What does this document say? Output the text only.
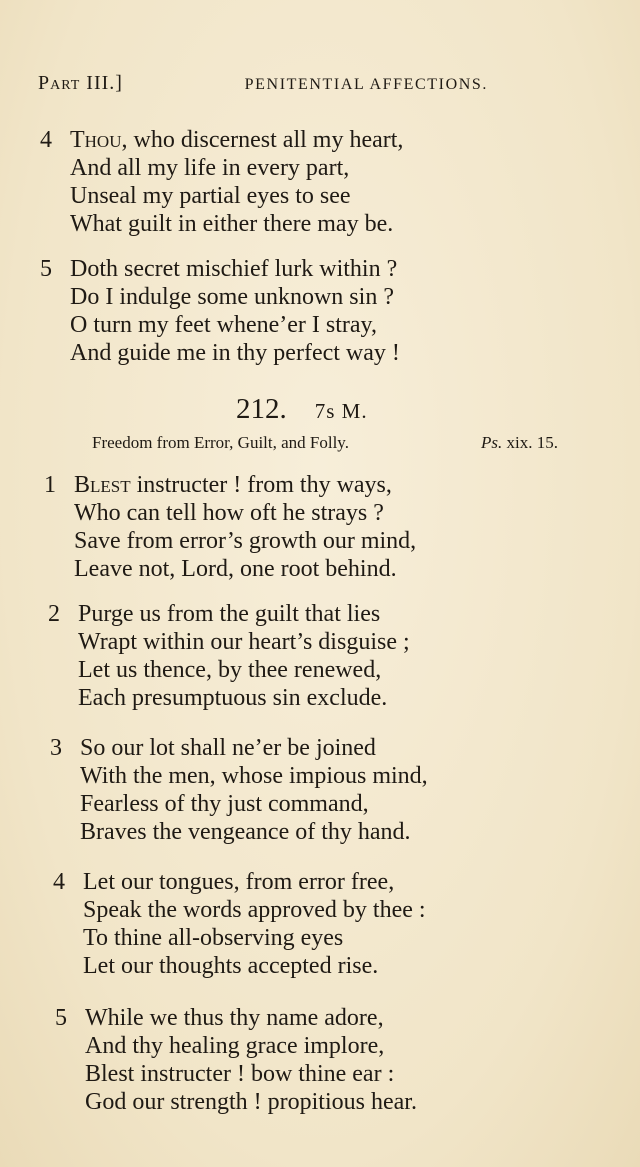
Part III.]	PENITENTIAL AFFECTIONS.
4 Thou, who discernest all my heart,
And all my life in every part,
Unseal my partial eyes to see
What guilt in either there may be.
5 Doth secret mischief lurk within ?
Do I indulge some unknown sin ?
O turn my feet whene’er I stray,
And guide me in thy perfect way !
212. 7s M.
Freedom from Error, Guilt, and Folly.	Ps. xix. 15.
1 Blest instructer ! from thy ways,
Who can tell how oft he strays ?
Save from error’s growth our mind,
Leave not, Lord, one root behind.
2 Purge us from the guilt that lies
Wrapt within our heart’s disguise ;
Let us thence, by thee renewed,
Each presumptuous sin exclude.
3 So our lot shall ne’er be joined
With the men, whose impious mind,
Fearless of thy just command,
Braves the vengeance of thy hand.
4 Let our tongues, from error free,
Speak the words approved by thee :
To thine all-observing eyes
Let our thoughts accepted rise.
5 While we thus thy name adore,
And thy healing grace implore,
Blest instructer ! bow thine ear :
God our strength ! propitious hear.
